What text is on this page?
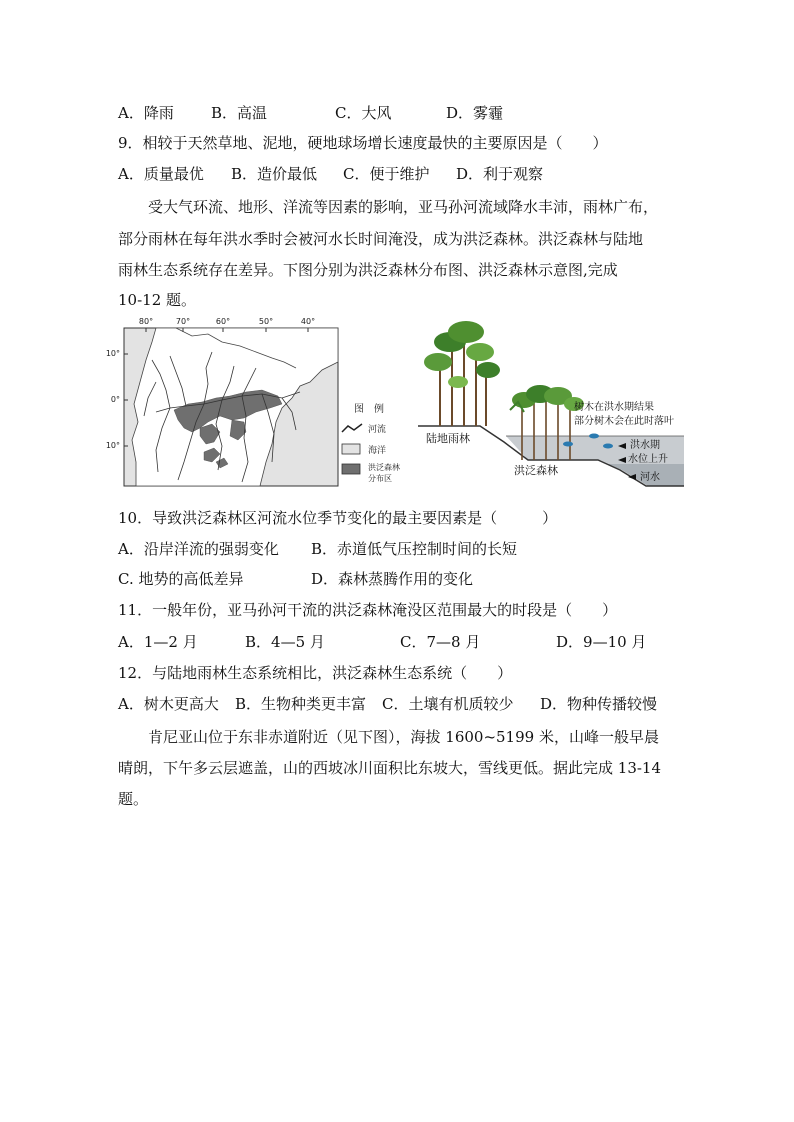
A．降雨 B．高温	C．大风	D．雾霾
9．相较于天然草地、泥地，硬地球场增长速度最快的主要原因是（　　）
A．质量最优 B．造价最低 C．便于维护 D．利于观察
受大气环流、地形、洋流等因素的影响，亚马孙河流域降水丰沛，雨林广布，
部分雨林在每年洪水季时会被河水长时间淹没，成为洪泛森林。洪泛森林与陆地
雨林生态系统存在差异。下图分别为洪泛森林分布图、洪泛森林示意图,完成
10-12 题。
80°	70°	60°	50°	40°
10°
0°
10°
图　例
河流
海洋
洪泛森林
分布区
陆地雨林
洪泛森林
树木在洪水期结果
部分树木会在此时落叶
洪水期
水位上升
河水
10．导致洪泛森林区河流水位季节变化的最主要因素是（　　　）
A．沿岸洋流的强弱变化 B．赤道低气压控制时间的长短
C. 地势的高低差异	D．森林蒸腾作用的变化
11．一般年份，亚马孙河干流的洪泛森林淹没区范围最大的时段是（　　）
A．1—2 月	B．4—5 月	C．7—8 月	D．9—10 月
12．与陆地雨林生态系统相比，洪泛森林生态系统（　　）
A．树木更高大 B．生物种类更丰富 C．土壤有机质较少 D．物种传播较慢
肯尼亚山位于东非赤道附近（见下图），海拔 1600~5199 米，山峰一般早晨
晴朗，下午多云层遮盖，山的西坡冰川面积比东坡大，雪线更低。据此完成 13-14
题。
